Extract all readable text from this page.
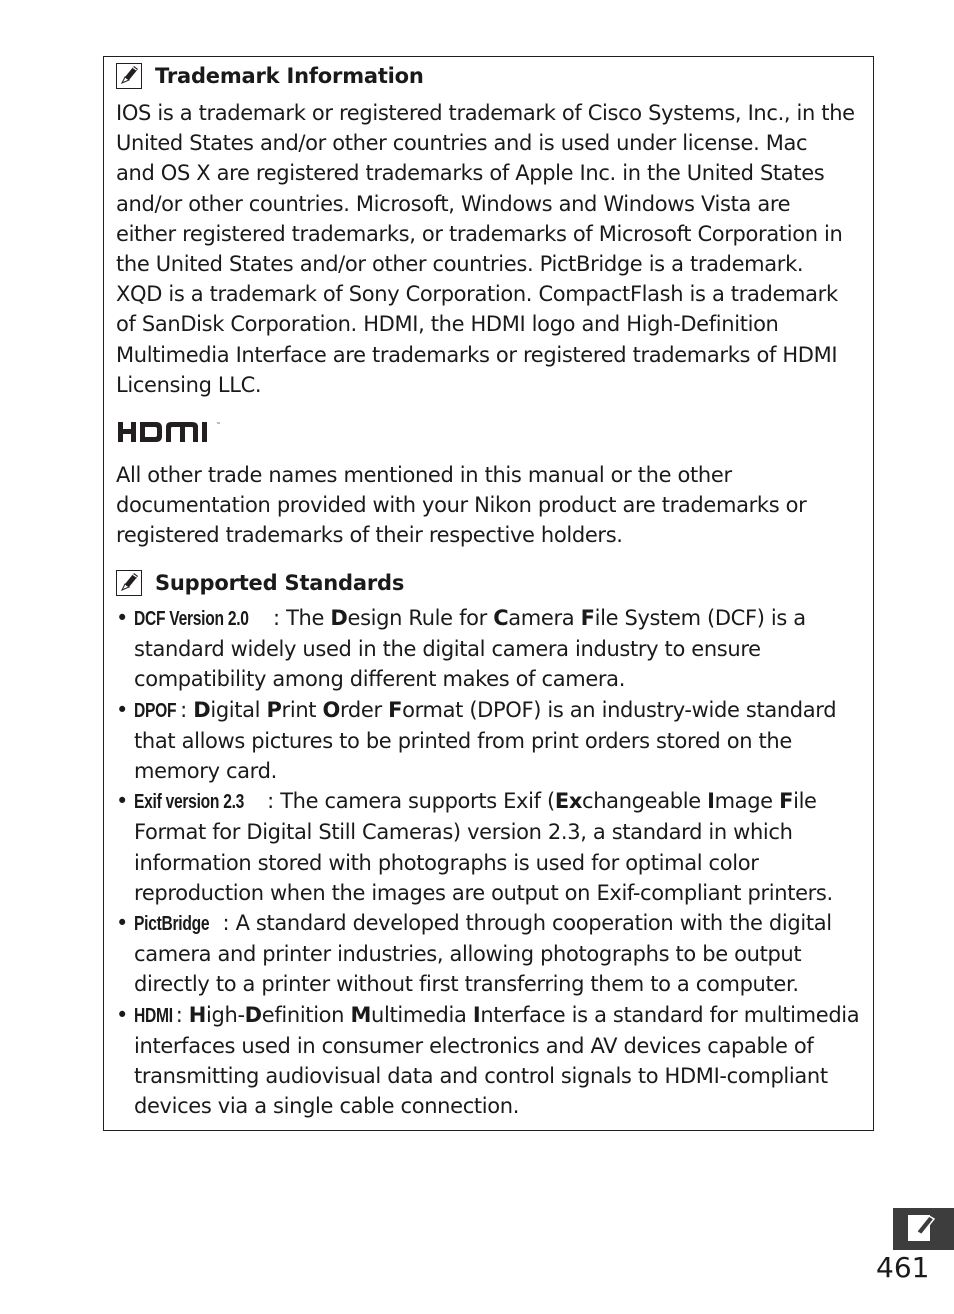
Trademark Information

IOS is a trademark or registered trademark of Cisco Systems, Inc., in the
United States and/or other countries and is used under license. Mac
and OS X are registered trademarks of Apple Inc. in the United States
and/or other countries. Microsoft, Windows and Windows Vista are
either registered trademarks, or trademarks of Microsoft Corporation in
the United States and/or other countries. PictBridge is a trademark.
XQD is a trademark of Sony Corporation. CompactFlash is a trademark
of SanDisk Corporation. HDMI, the HDMI logo and High-Definition
Multimedia Interface are trademarks or registered trademarks of HDMI
Licensing LLC.

™

All other trade names mentioned in this manual or the other
documentation provided with your Nikon product are trademarks or
registered trademarks of their respective holders.

Supported Standards
• DCF Version 2.0 : The Design Rule for Camera File System (DCF) is a standard widely used in the digital camera industry to ensure compatibility among different makes of camera.
• DPOF : Digital Print Order Format (DPOF) is an industry-wide standard that allows pictures to be printed from print orders stored on the memory card.
• Exif version 2.3 : The camera supports Exif (Exchangeable Image File Format for Digital Still Cameras) version 2.3, a standard in which information stored with photographs is used for optimal color reproduction when the images are output on Exif-compliant printers.
• PictBridge : A standard developed through cooperation with the digital camera and printer industries, allowing photographs to be output directly to a printer without first transferring them to a computer.
• HDMI : High-Definition Multimedia Interface is a standard for multimedia interfaces used in consumer electronics and AV devices capable of transmitting audiovisual data and control signals to HDMI-compliant devices via a single cable connection.
461
